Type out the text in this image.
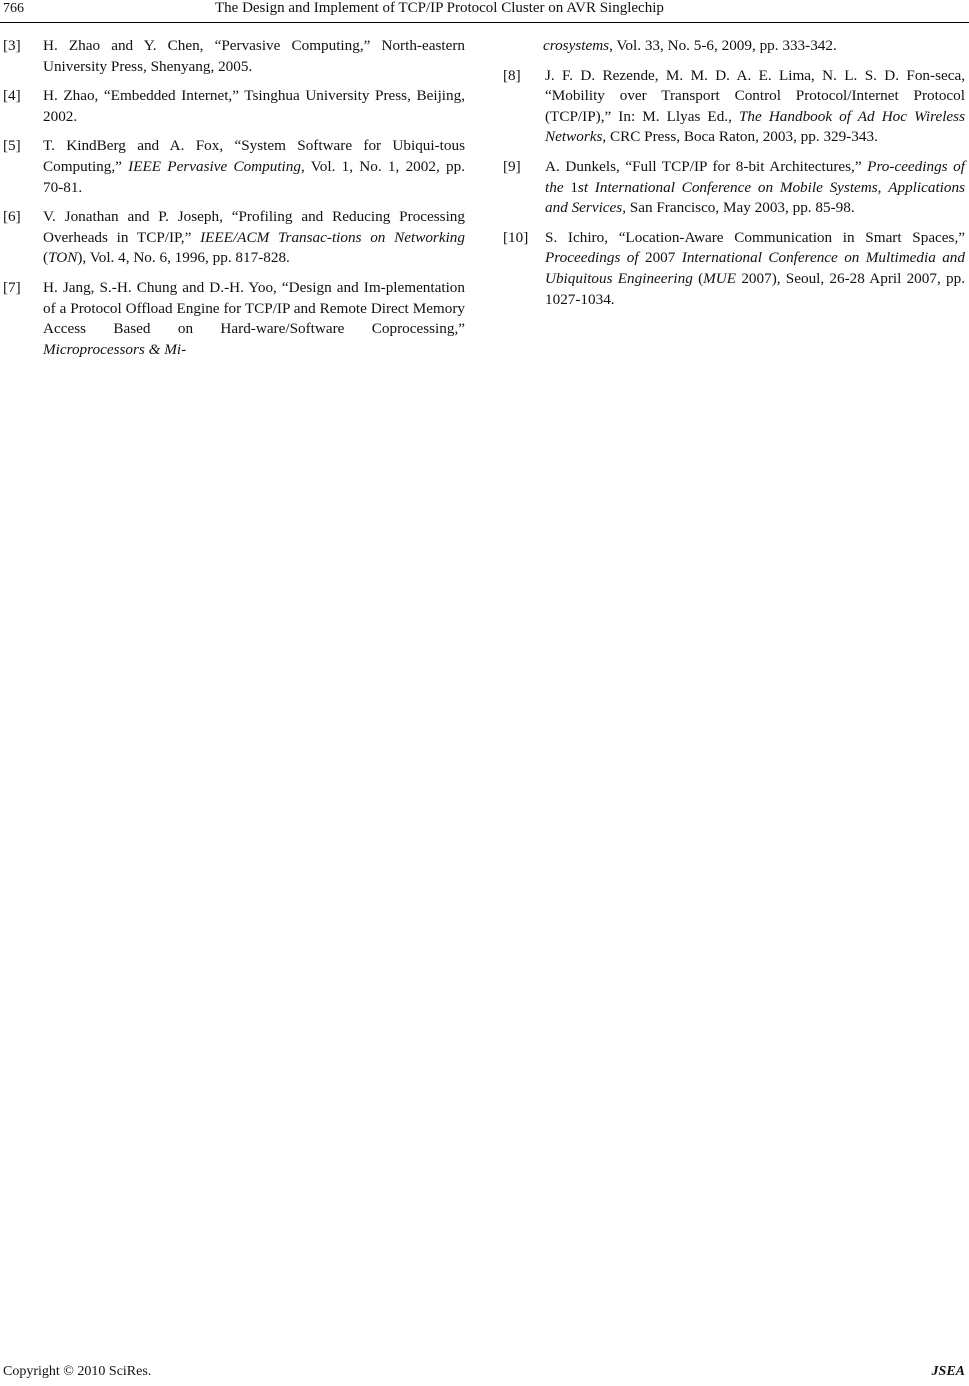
766	The Design and Implement of TCP/IP Protocol Cluster on AVR Singlechip
[3] H. Zhao and Y. Chen, “Pervasive Computing,” North-eastern University Press, Shenyang, 2005.
[4] H. Zhao, “Embedded Internet,” Tsinghua University Press, Beijing, 2002.
[5] T. KindBerg and A. Fox, “System Software for Ubiqui-tous Computing,” IEEE Pervasive Computing, Vol. 1, No. 1, 2002, pp. 70-81.
[6] V. Jonathan and P. Joseph, “Profiling and Reducing Processing Overheads in TCP/IP,” IEEE/ACM Transac-tions on Networking (TON), Vol. 4, No. 6, 1996, pp. 817-828.
[7] H. Jang, S.-H. Chung and D.-H. Yoo, “Design and Im-plementation of a Protocol Offload Engine for TCP/IP and Remote Direct Memory Access Based on Hard-ware/Software Coprocessing,” Microprocessors & Mi-
crosystems, Vol. 33, No. 5-6, 2009, pp. 333-342.
[8] J. F. D. Rezende, M. M. D. A. E. Lima, N. L. S. D. Fon-seca, “Mobility over Transport Control Protocol/Internet Protocol (TCP/IP),” In: M. Llyas Ed., The Handbook of Ad Hoc Wireless Networks, CRC Press, Boca Raton, 2003, pp. 329-343.
[9] A. Dunkels, “Full TCP/IP for 8-bit Architectures,” Pro-ceedings of the 1st International Conference on Mobile Systems, Applications and Services, San Francisco, May 2003, pp. 85-98.
[10] S. Ichiro, “Location-Aware Communication in Smart Spaces,” Proceedings of 2007 International Conference on Multimedia and Ubiquitous Engineering (MUE 2007), Seoul, 26-28 April 2007, pp. 1027-1034.
Copyright © 2010 SciRes.	JSEA
